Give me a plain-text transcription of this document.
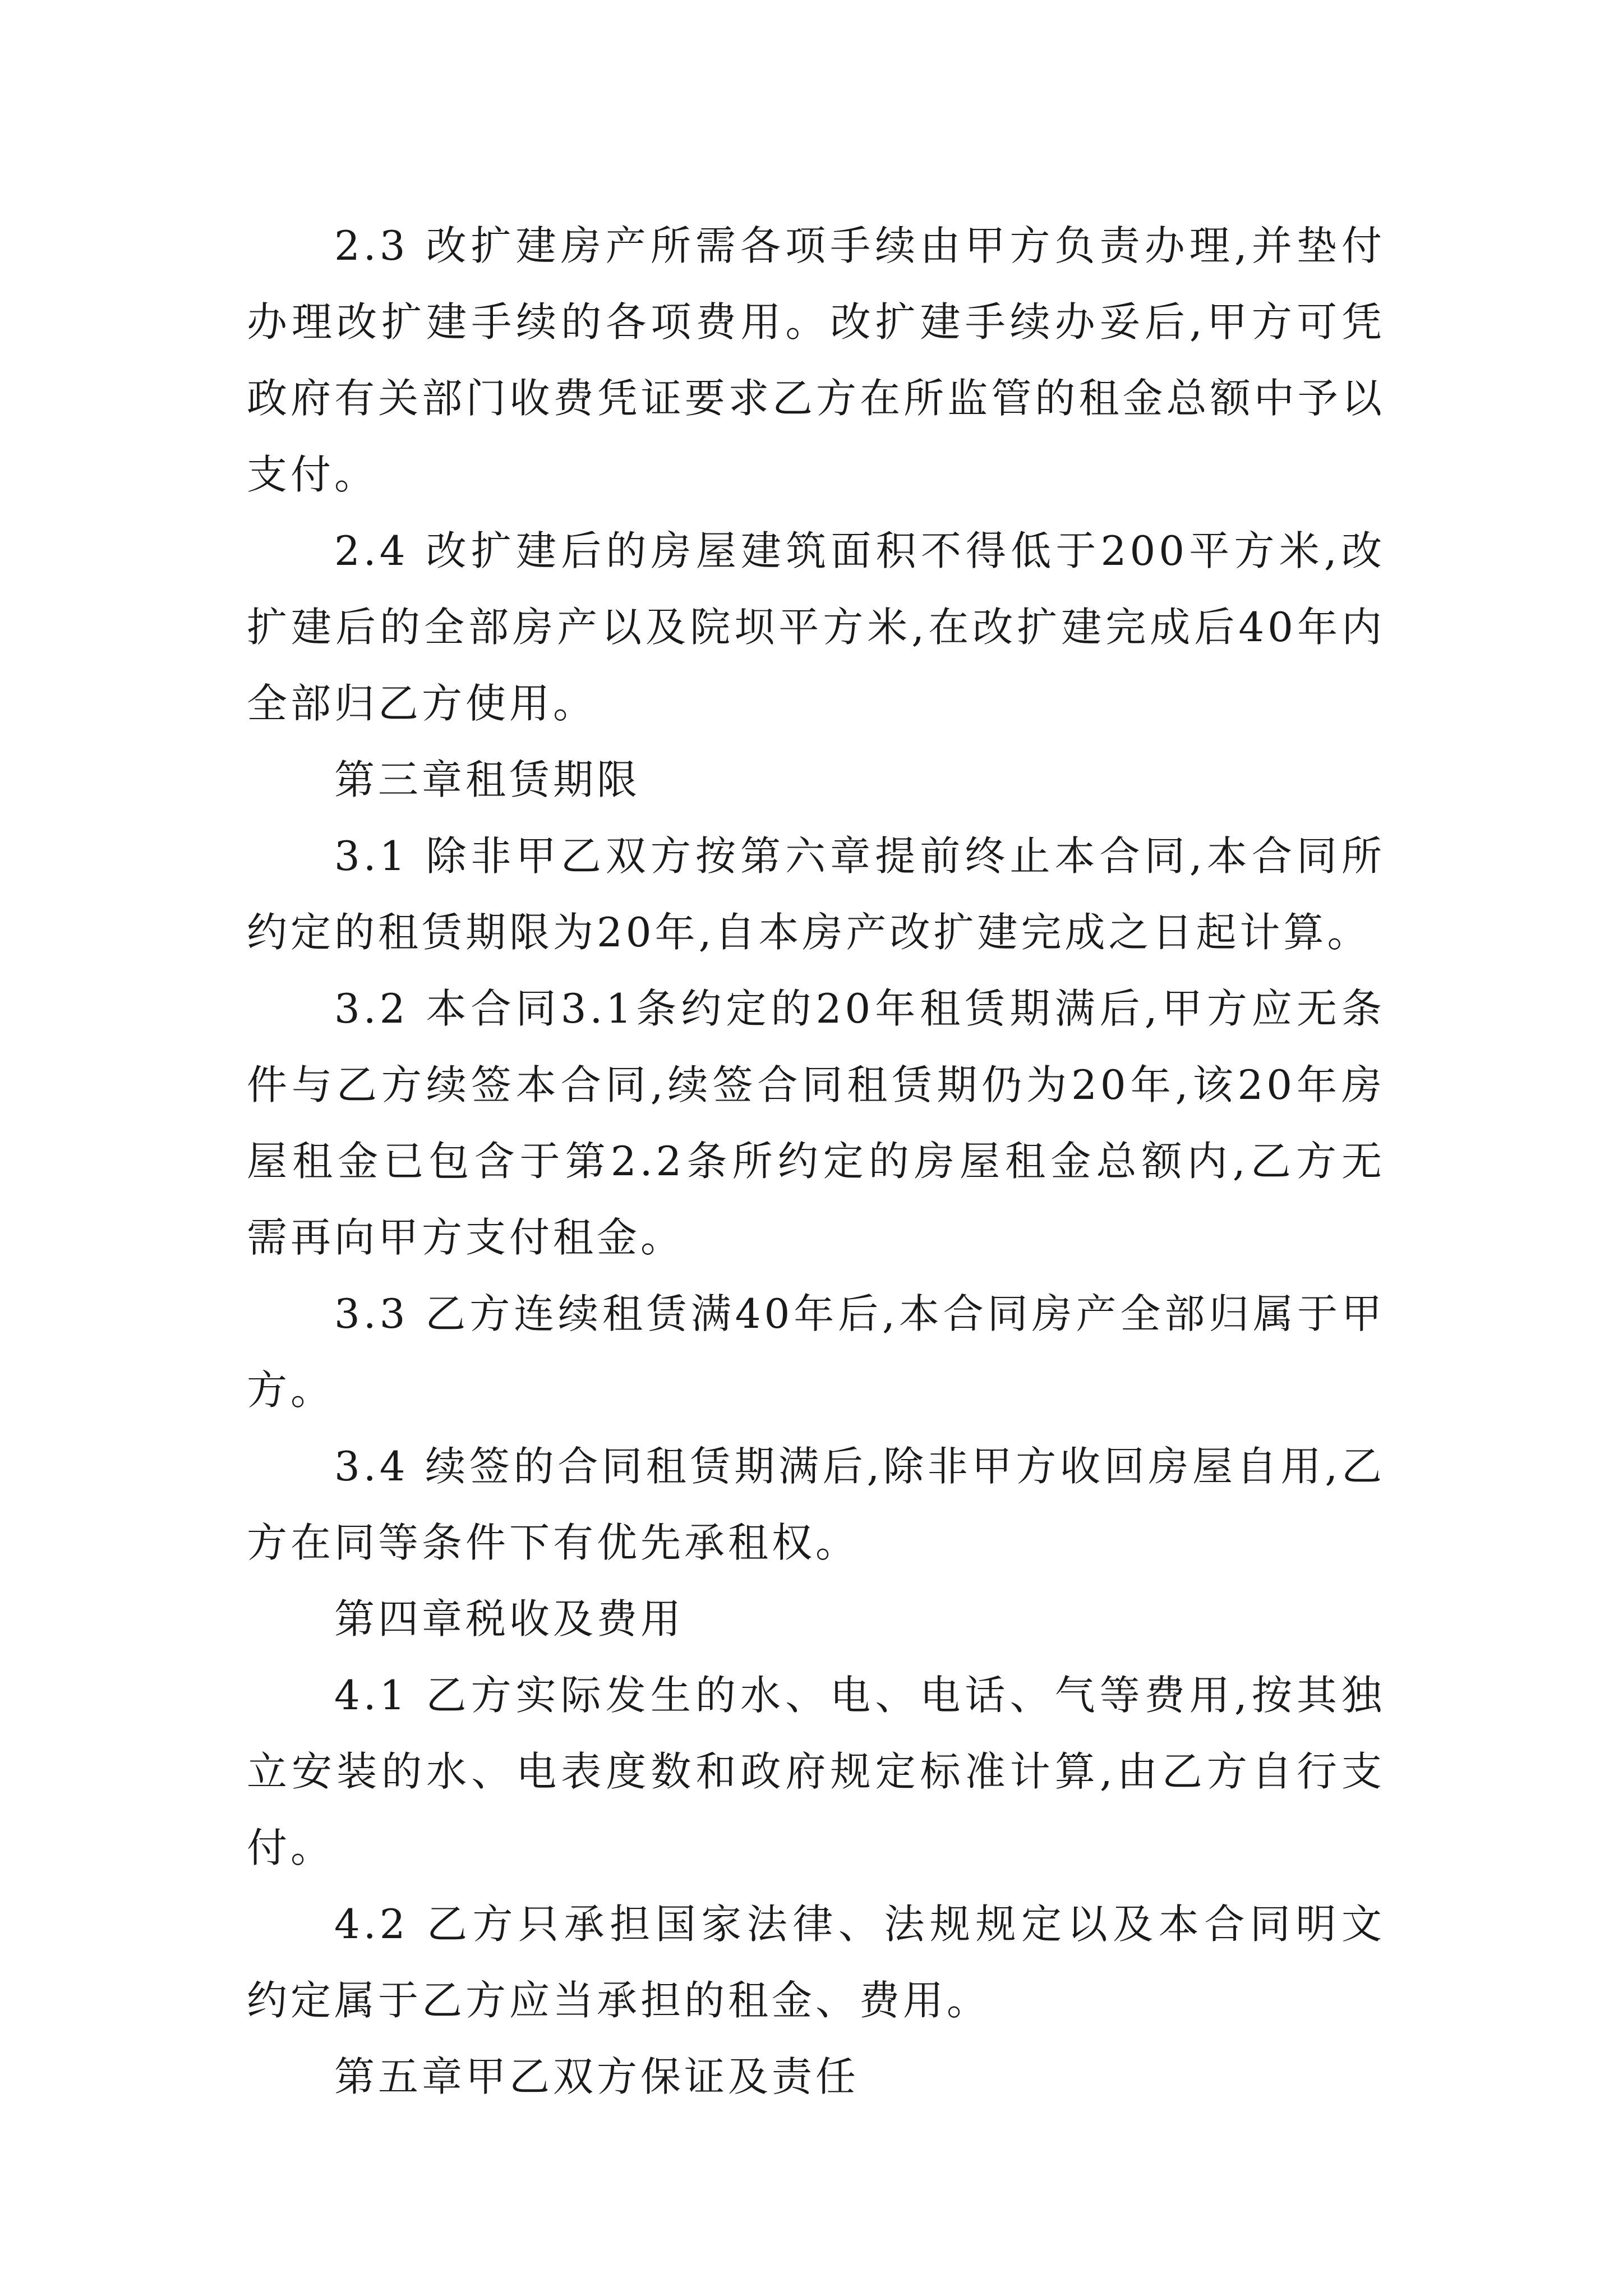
2.3 改扩建房产所需各项手续由甲方负责办理,并垫付办理改扩建手续的各项费用。改扩建手续办妥后,甲方可凭政府有关部门收费凭证要求乙方在所监管的租金总额中予以支付。

2.4 改扩建后的房屋建筑面积不得低于200平方米,改扩建后的全部房产以及院坝平方米,在改扩建完成后40年内全部归乙方使用。

第三章租赁期限

3.1 除非甲乙双方按第六章提前终止本合同,本合同所约定的租赁期限为20年,自本房产改扩建完成之日起计算。

3.2 本合同3.1条约定的20年租赁期满后,甲方应无条件与乙方续签本合同,续签合同租赁期仍为20年,该20年房屋租金已包含于第2.2条所约定的房屋租金总额内,乙方无需再向甲方支付租金。

3.3 乙方连续租赁满40年后,本合同房产全部归属于甲方。

3.4 续签的合同租赁期满后,除非甲方收回房屋自用,乙方在同等条件下有优先承租权。

第四章税收及费用

4.1 乙方实际发生的水、电、电话、气等费用,按其独立安装的水、电表度数和政府规定标准计算,由乙方自行支付。

4.2 乙方只承担国家法律、法规规定以及本合同明文约定属于乙方应当承担的租金、费用。

第五章甲乙双方保证及责任
